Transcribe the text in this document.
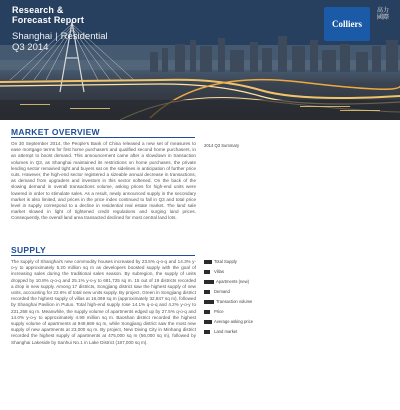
Research &
Forecast Report
Shanghai | Residential
Q3 2014
Colliers
高力國際
MARKET OVERVIEW
On 30 September 2014, the People's Bank of China released a new set of measures to ease mortgage terms for first home purchasers and qualified second home purchasers, in an attempt to boost demand. This announcement came after a slowdown in transaction volumes in Q3, as Shanghai maintained its restrictions on home purchases, the private lending sector remained tight and buyers sat on the sidelines in anticipation of further price cuts. However, the high-end sector registered a sizeable annual decrease in transactions, as demand from upgraders and investors in this sector softened. On the back of the slowing demand in overall transactions volume, asking prices for high-end units were lowered in order to stimulate sales. As a result, newly announced supply in the secondary market is also limited, and prices in the price index continued to fall in Q3 and total price level in supply correspond to a decline in residential real estate market. The land sale market slowed in light of tightened credit regulations and surging land prices. Consequently, the overall land area transacted declined for most central land lots.
SUPPLY
The supply of Shanghai's new commodity houses increased by 23.5% q-o-q and 14.3% y-o-y to approximately 5.20 million sq m as developers boosted supply with the goal of increasing sales during the traditional sales season. By subregion, the supply of units dropped by 10.8% q-o-q and 25.1% y-o-y to 681,725 sq m. 15 out of 19 districts recorded a drop in new supply. Among 17 districts, Songjiang district saw the highest supply of new units, accounting for 22.6% of total new units supply. By project, Green in Songjiang district recorded the highest supply of villas at 16,069 sq m (approximately 32,847 sq m), followed by Shanghai Pavilion in Putuo. Total high-end supply rose 14.1% q-o-q and 4.2% y-o-y to 231,268 sq m. Meanwhile, the supply volume of apartments edged up by 27.5% q-o-q and 14.0% y-o-y to approximately 4.99 million sq m. Baoshan district recorded the highest supply volume of apartments at 949,669 sq m, while Songjiang district saw the most new supply of new apartments at 23,000 sq m. By project, New Diving City in Minhang district recorded the highest supply of apartments at 475,000 sq m (56,000 sq m), followed by Shanghai Lakeside by Sanhui No.1 in Lake District (187,000 sq m).
2014 Q3 Summary
Total Supply
Villas
Apartments (new)
Demand
Transaction volume
Price
Average asking price
Land market
